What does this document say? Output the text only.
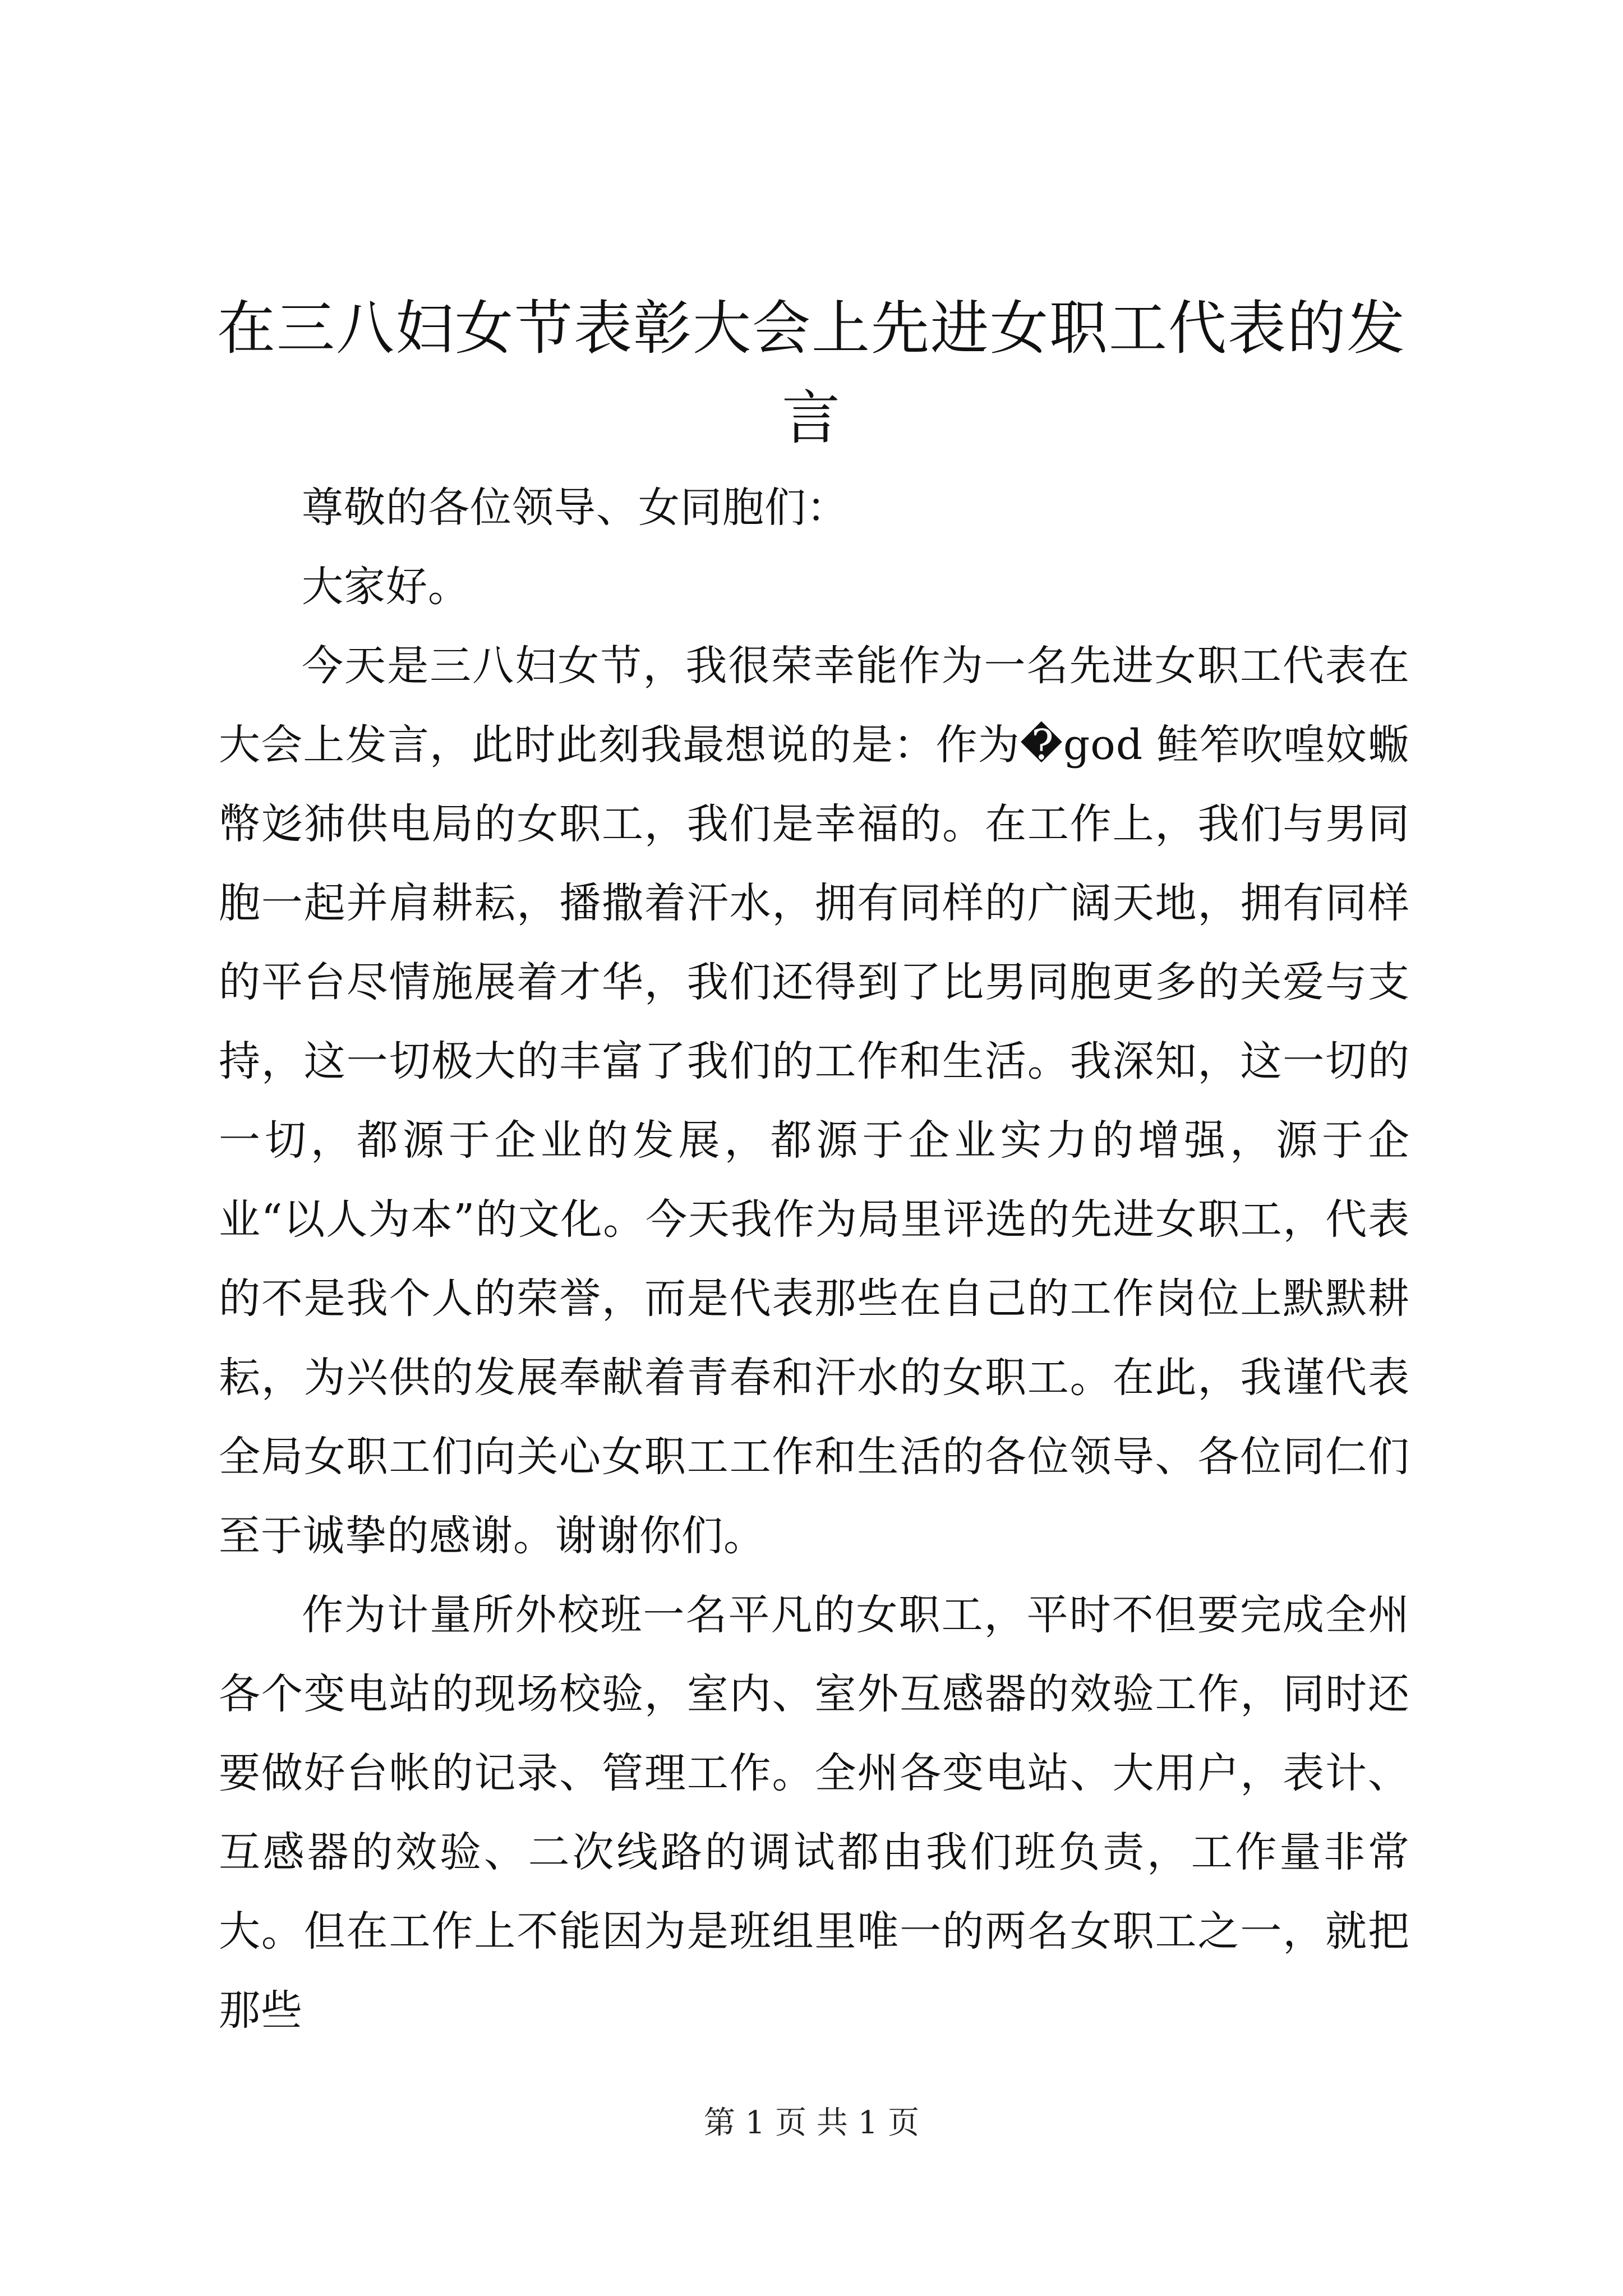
在三八妇女节表彰大会上先进女职工代表的发言

尊敬的各位领导、女同胞们：

大家好。

今天是三八妇女节，我很荣幸能作为一名先进女职工代表在大会上发言，此时此刻我最想说的是：作为�god 鲑笮吹喤妏蝂幣彣犻供电局的女职工，我们是幸福的。在工作上，我们与男同胞一起并肩耕耘，播撒着汗水，拥有同样的广阔天地，拥有同样的平台尽情施展着才华，我们还得到了比男同胞更多的关爱与支持，这一切极大的丰富了我们的工作和生活。我深知，这一切的一切，都源于企业的发展，都源于企业实力的增强，源于企业“以人为本”的文化。今天我作为局里评选的先进女职工，代表的不是我个人的荣誉，而是代表那些在自己的工作岗位上默默耕耘，为兴供的发展奉献着青春和汗水的女职工。在此，我谨代表全局女职工们向关心女职工工作和生活的各位领导、各位同仁们至于诚挚的感谢。谢谢你们。

作为计量所外校班一名平凡的女职工，平时不但要完成全州各个变电站的现场校验，室内、室外互感器的效验工作，同时还要做好台帐的记录、管理工作。全州各变电站、大用户，表计、互感器的效验、二次线路的调试都由我们班负责，工作量非常大。但在工作上不能因为是班组里唯一的两名女职工之一，就把那些

第 1 页 共 1 页
